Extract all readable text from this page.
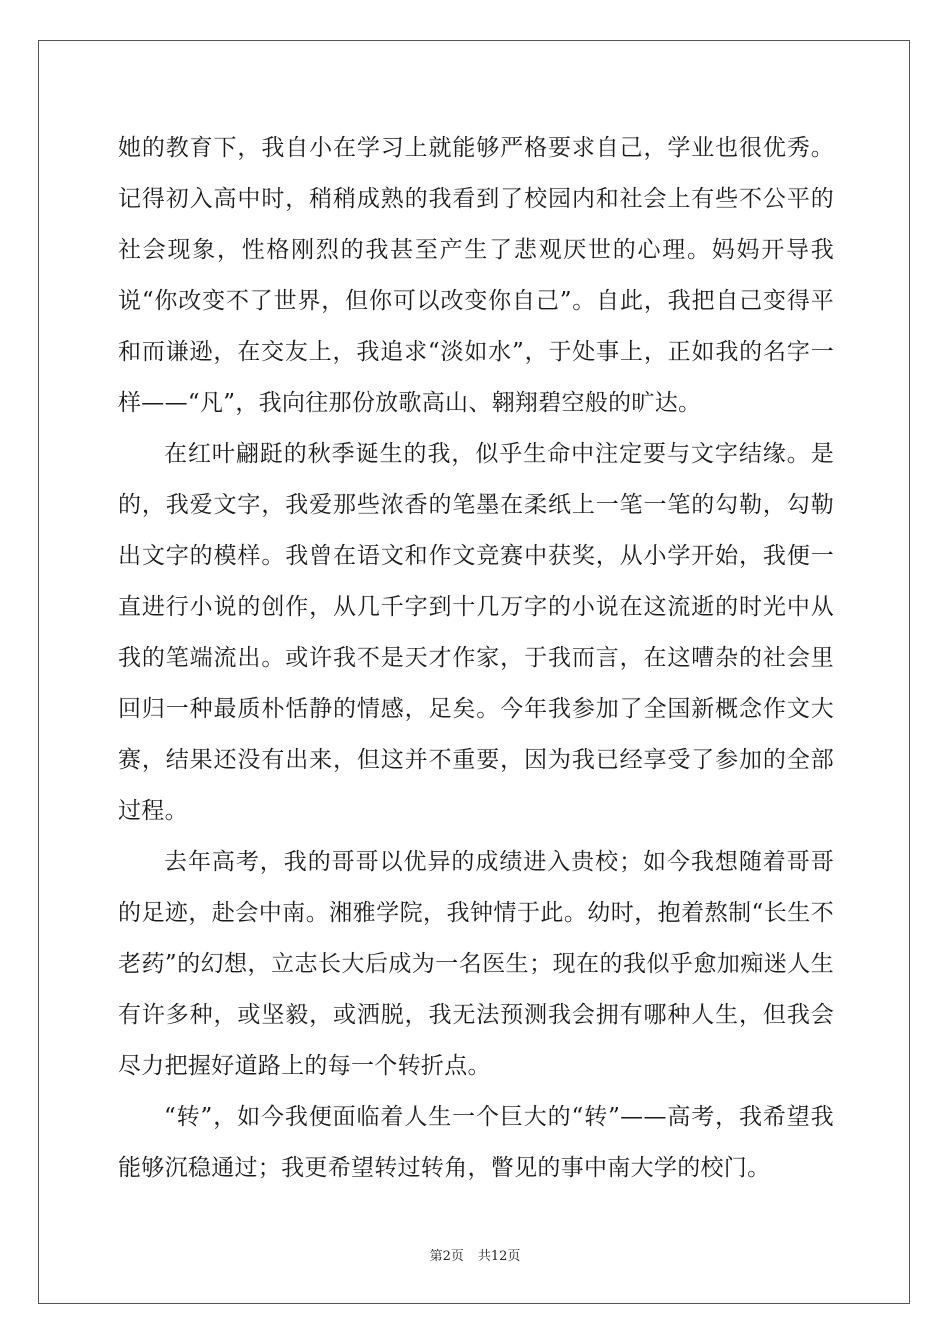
她的教育下，我自小在学习上就能够严格要求自己，学业也很优秀。记得初入高中时，稍稍成熟的我看到了校园内和社会上有些不公平的社会现象，性格刚烈的我甚至产生了悲观厌世的心理。妈妈开导我说“你改变不了世界，但你可以改变你自己”。自此，我把自己变得平和而谦逊，在交友上，我追求“淡如水”，于处事上，正如我的名字一样——“凡”，我向往那份放歌高山、翱翔碧空般的旷达。

在红叶翩跹的秋季诞生的我，似乎生命中注定要与文字结缘。是的，我爱文字，我爱那些浓香的笔墨在柔纸上一笔一笔的勾勒，勾勒出文字的模样。我曾在语文和作文竞赛中获奖，从小学开始，我便一直进行小说的创作，从几千字到十几万字的小说在这流逝的时光中从我的笔端流出。或许我不是天才作家，于我而言，在这嘈杂的社会里回归一种最质朴恬静的情感，足矣。今年我参加了全国新概念作文大赛，结果还没有出来，但这并不重要，因为我已经享受了参加的全部过程。

去年高考，我的哥哥以优异的成绩进入贵校；如今我想随着哥哥的足迹，赴会中南。湘雅学院，我钟情于此。幼时，抱着熬制“长生不老药”的幻想，立志长大后成为一名医生；现在的我似乎愈加痴迷人生有许多种，或坚毅，或洒脱，我无法预测我会拥有哪种人生，但我会尽力把握好道路上的每一个转折点。

“转”，如今我便面临着人生一个巨大的“转”——高考，我希望我能够沉稳通过；我更希望转过转角，瞥见的事中南大学的校门。

第2页 共12页
